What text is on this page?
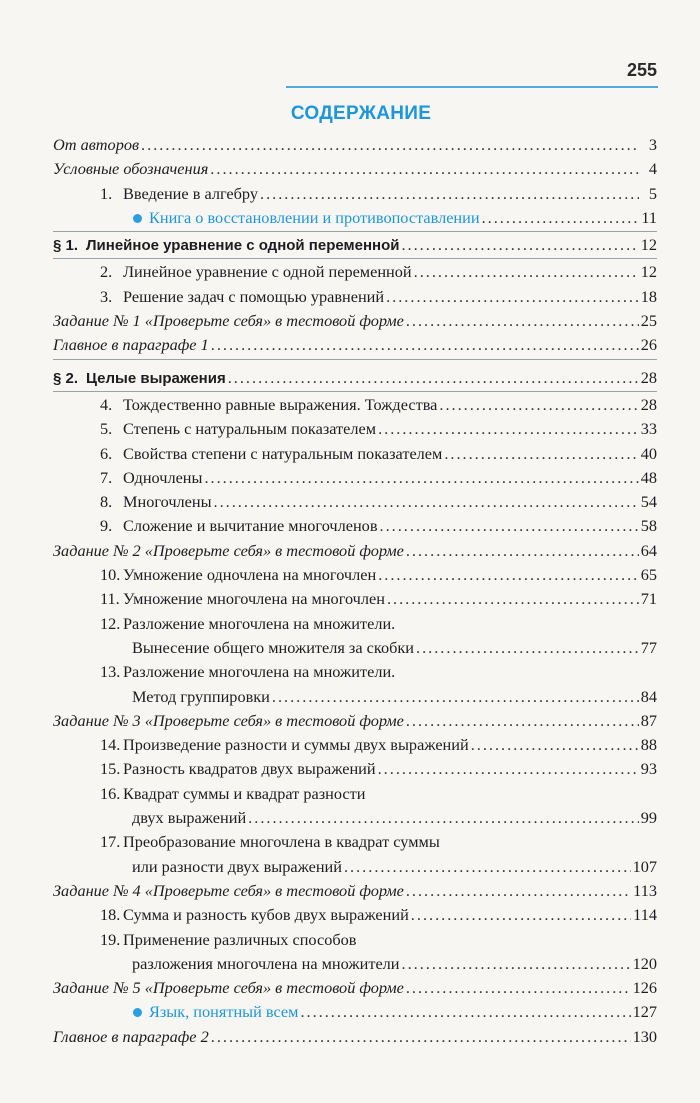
255
СОДЕРЖАНИЕ
От авторов .....	3
Условные обозначения .....	4
1. Введение в алгебру .....	5
Книга о восстановлении и противопоставлении .....	11
§ 1. Линейное уравнение с одной переменной .....	12
2. Линейное уравнение с одной переменной .....	12
3. Решение задач с помощью уравнений .....	18
Задание № 1 «Проверьте себя» в тестовой форме .....	25
Главное в параграфе 1 .....	26
§ 2. Целые выражения .....	28
4. Тождественно равные выражения. Тождества .....	28
5. Степень с натуральным показателем .....	33
6. Свойства степени с натуральным показателем .....	40
7. Одночлены .....	48
8. Многочлены .....	54
9. Сложение и вычитание многочленов .....	58
Задание № 2 «Проверьте себя» в тестовой форме .....	64
10. Умножение одночлена на многочлен .....	65
11. Умножение многочлена на многочлен .....	71
12. Разложение многочлена на множители.
Вынесение общего множителя за скобки .....	77
13. Разложение многочлена на множители.
Метод группировки .....	84
Задание № 3 «Проверьте себя» в тестовой форме .....	87
14. Произведение разности и суммы двух выражений .....	88
15. Разность квадратов двух выражений .....	93
16. Квадрат суммы и квадрат разности
двух выражений .....	99
17. Преобразование многочлена в квадрат суммы
или разности двух выражений .....	107
Задание № 4 «Проверьте себя» в тестовой форме .....	113
18. Сумма и разность кубов двух выражений .....	114
19. Применение различных способов
разложения многочлена на множители .....	120
Задание № 5 «Проверьте себя» в тестовой форме .....	126
Язык, понятный всем .....	127
Главное в параграфе 2 .....	130
